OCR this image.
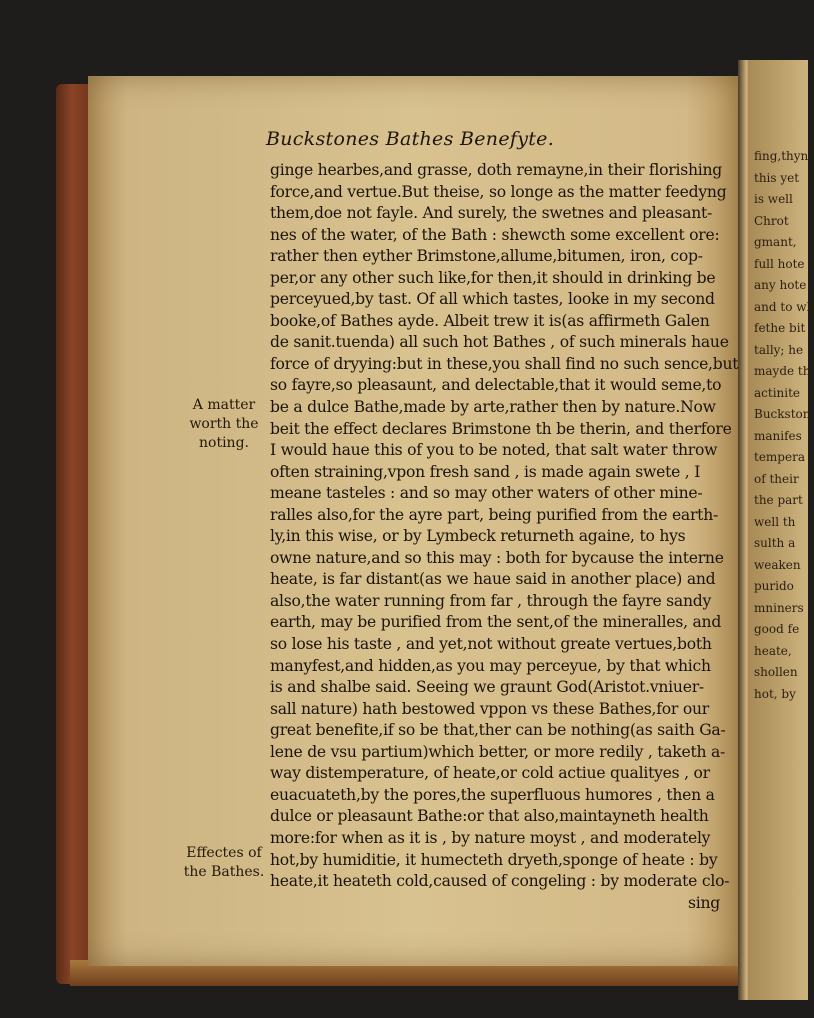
fing,thyn
this yet
is well
Chrot
gmant,
full hote
any hote
and to wh
fethe bit
tally; he
mayde th
actinite
Buckston
manifes
tempera
of their
the part
well th
sulth a
weaken
purido
mniners
good fe
heate,
shollen
hot, by
Buckstones Bathes Benefyte.
ginge hearbes,and grasse, doth remayne,in their florishing
force,and vertue.But theise, so longe as the matter feedyng
them,doe not fayle. And surely, the swetnes and pleasant-
nes of the water, of the Bath : shewcth some excellent ore:
rather then eyther Brimstone,allume,bitumen, iron, cop-
per,or any other such like,for then,it should in drinking be
perceyued,by tast. Of all which tastes, looke in my second
booke,of Bathes ayde. Albeit trew it is(as affirmeth Galen
de sanit.tuenda) all such hot Bathes , of such minerals haue
force of dryying:but in these,you shall find no such sence,but
so fayre,so pleasaunt, and delectable,that it would seme,to
be a dulce Bathe,made by arte,rather then by nature.Now
beit the effect declares Brimstone th be therin, and therfore
I would haue this of you to be noted, that salt water throw
often straining,vpon fresh sand , is made again swete , I
meane tasteles : and so may other waters of other mine-
ralles also,for the ayre part, being purified from the earth-
ly,in this wise, or by Lymbeck returneth againe, to hys
owne nature,and so this may : both for bycause the interne
heate, is far distant(as we haue said in another place) and
also,the water running from far , through the fayre sandy
earth, may be purified from the sent,of the mineralles, and
so lose his taste , and yet,not without greate vertues,both
manyfest,and hidden,as you may perceyue, by that which
is and shalbe said. Seeing we graunt God(Aristot.vniuer-
sall nature) hath bestowed vppon vs these Bathes,for our
great benefite,if so be that,ther can be nothing(as saith Ga-
lene de vsu partium)which better, or more redily , taketh a-
way distemperature, of heate,or cold actiue qualityes , or
euacuateth,by the pores,the superfluous humores , then a
dulce or pleasaunt Bathe:or that also,maintayneth health
more:for when as it is , by nature moyst , and moderately
hot,by humiditie, it humecteth dryeth,sponge of heate : by
heate,it heateth cold,caused of congeling : by moderate clo-
sing
A matter
worth the
noting.
Effectes of
the Bathes.
